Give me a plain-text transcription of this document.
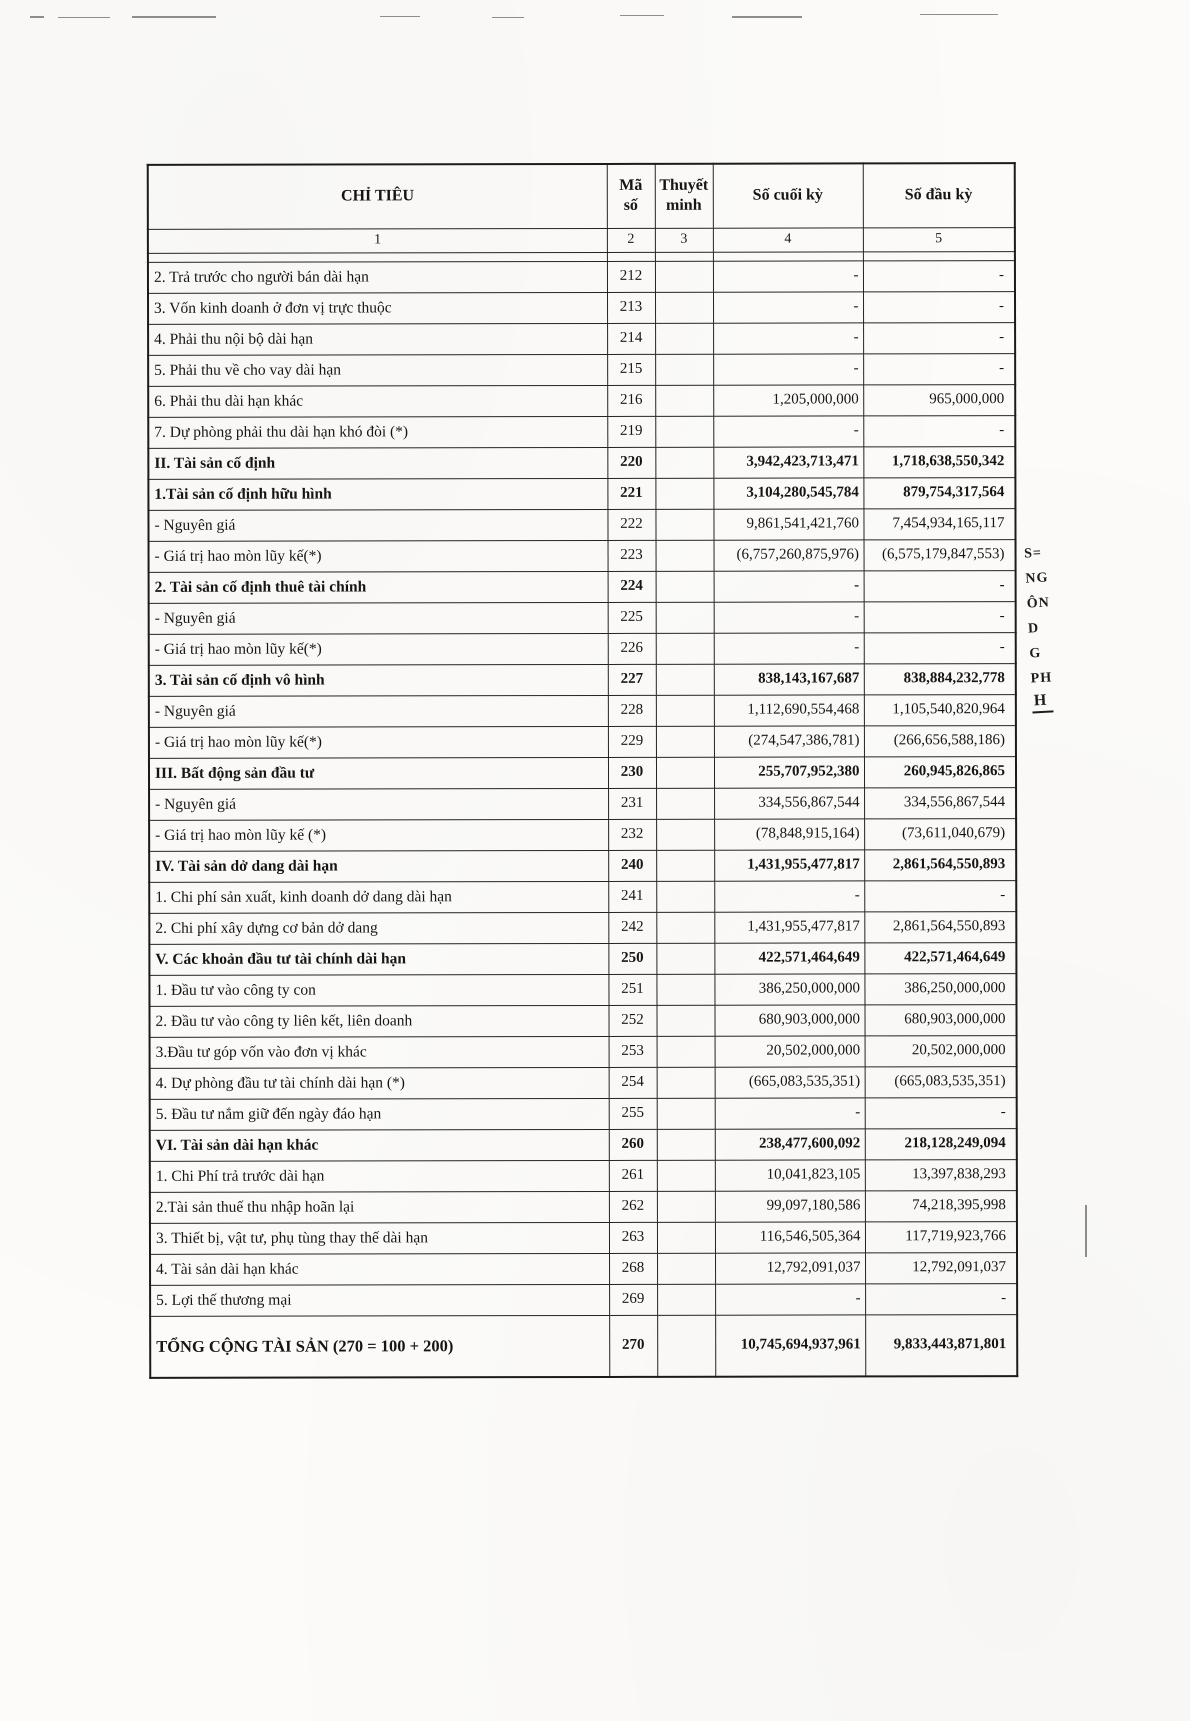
CHỈ TIÊU	Mã số	Thuyết minh	Số cuối kỳ	Số đầu kỳ
1	2	3	4	5

2. Trả trước cho người bán dài hạn	212		-	-
3. Vốn kinh doanh ở đơn vị trực thuộc	213		-	-
4. Phải thu nội bộ dài hạn	214		-	-
5. Phải thu về cho vay dài hạn	215		-	-
6. Phải thu dài hạn khác	216		1,205,000,000	965,000,000
7. Dự phòng phải thu dài hạn khó đòi (*)	219		-	-
II. Tài sản cố định	220		3,942,423,713,471	1,718,638,550,342
1.Tài sản cố định hữu hình	221		3,104,280,545,784	879,754,317,564
- Nguyên giá	222		9,861,541,421,760	7,454,934,165,117
- Giá trị hao mòn lũy kế(*)	223		(6,757,260,875,976)	(6,575,179,847,553)
2. Tài sản cố định thuê tài chính	224		-	-
- Nguyên giá	225		-	-
- Giá trị hao mòn lũy kế(*)	226		-	-
3. Tài sản cố định vô hình	227		838,143,167,687	838,884,232,778
- Nguyên giá	228		1,112,690,554,468	1,105,540,820,964
- Giá trị hao mòn lũy kế(*)	229		(274,547,386,781)	(266,656,588,186)
III. Bất động sản đầu tư	230		255,707,952,380	260,945,826,865
- Nguyên giá	231		334,556,867,544	334,556,867,544
- Giá trị hao mòn lũy kế (*)	232		(78,848,915,164)	(73,611,040,679)
IV. Tài sản dở dang dài hạn	240		1,431,955,477,817	2,861,564,550,893
1. Chi phí sản xuất, kinh doanh dở dang dài hạn	241		-	-
2. Chi phí xây dựng cơ bản dở dang	242		1,431,955,477,817	2,861,564,550,893
V. Các khoản đầu tư tài chính dài hạn	250		422,571,464,649	422,571,464,649
1. Đầu tư vào công ty con	251		386,250,000,000	386,250,000,000
2. Đầu tư vào công ty liên kết, liên doanh	252		680,903,000,000	680,903,000,000
3.Đầu tư góp vốn vào đơn vị khác	253		20,502,000,000	20,502,000,000
4. Dự phòng đầu tư tài chính dài hạn (*)	254		(665,083,535,351)	(665,083,535,351)
5. Đầu tư nắm giữ đến ngày đáo hạn	255		-	-
VI. Tài sản dài hạn khác	260		238,477,600,092	218,128,249,094
1. Chi Phí trả trước dài hạn	261		10,041,823,105	13,397,838,293
2.Tài sản thuế thu nhập hoãn lại	262		99,097,180,586	74,218,395,998
3. Thiết bị, vật tư, phụ tùng thay thế dài hạn	263		116,546,505,364	117,719,923,766
4. Tài sản dài hạn khác	268		12,792,091,037	12,792,091,037
5. Lợi thế thương mại	269		-	-
TỔNG CỘNG TÀI SẢN (270 = 100 + 200)	270		10,745,694,937,961	9,833,443,871,801
S=
NG
ÔN
D
G
PH
H
